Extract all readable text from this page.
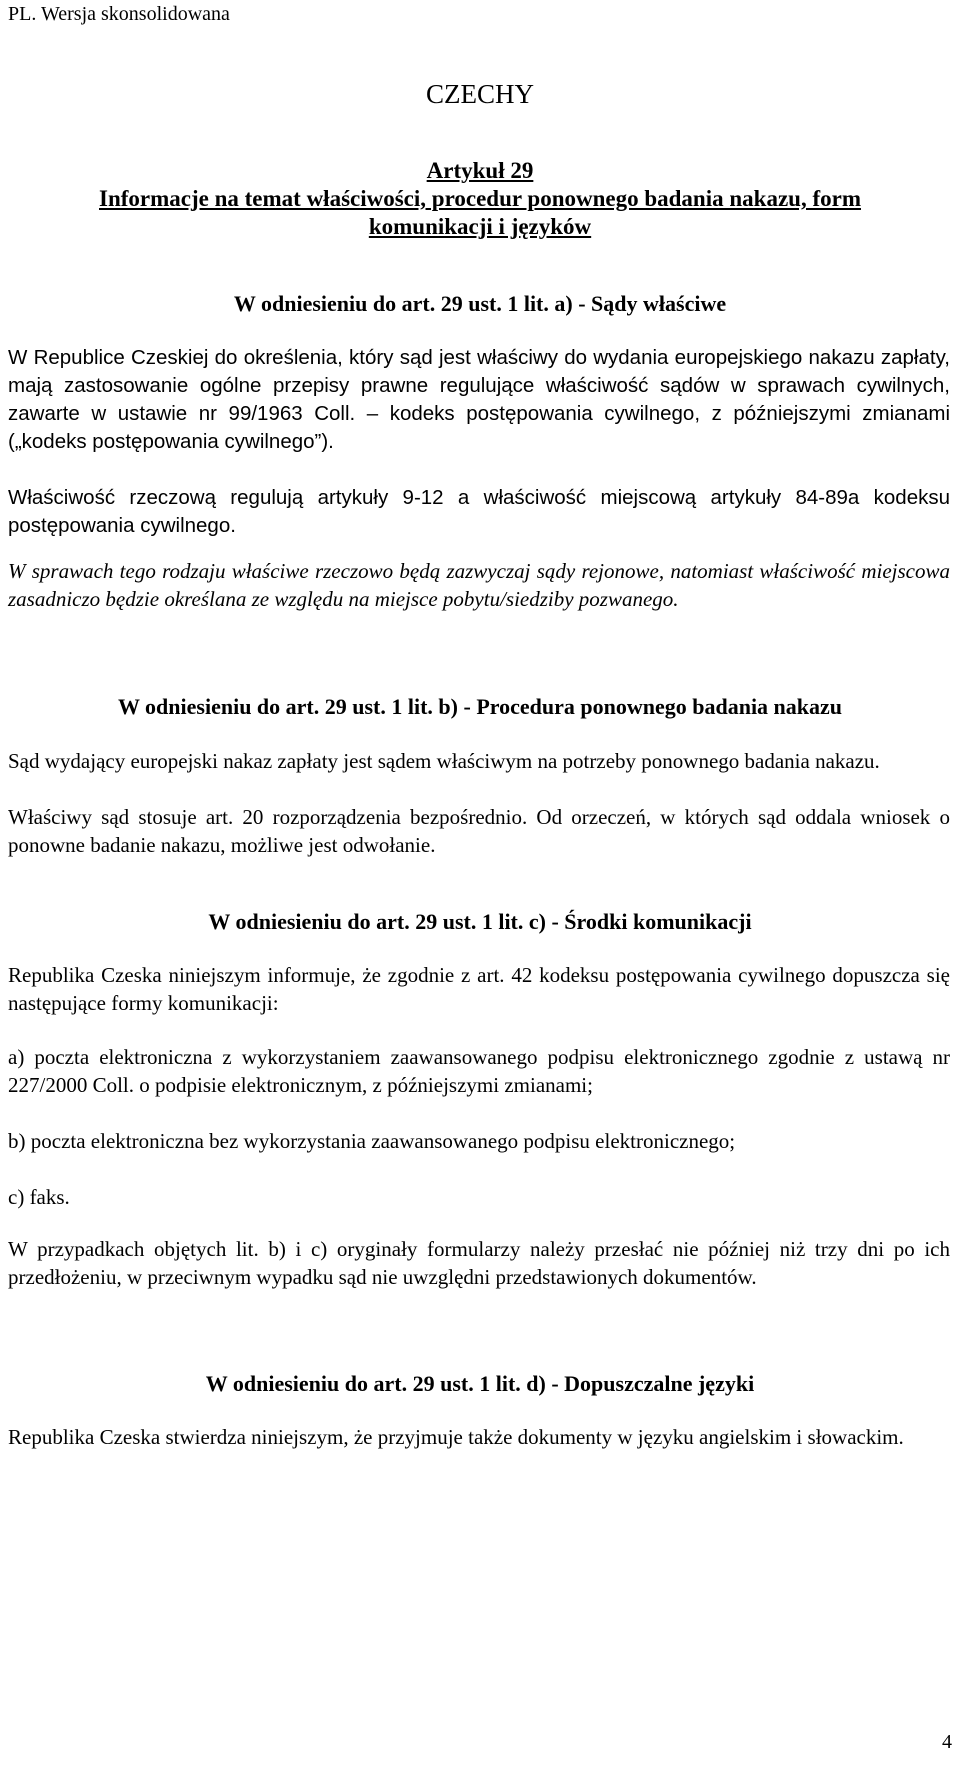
PL. Wersja skonsolidowana
CZECHY
Artykuł 29
Informacje na temat właściwości, procedur ponownego badania nakazu, form
komunikacji i języków
W odniesieniu do art. 29 ust. 1 lit. a) - Sądy właściwe

W Republice Czeskiej do określenia, który sąd jest właściwy do wydania europejskiego nakazu zapłaty, mają zastosowanie ogólne przepisy prawne regulujące właściwość sądów w sprawach cywilnych, zawarte w ustawie nr 99/1963 Coll. – kodeks postępowania cywilnego, z późniejszymi zmianami („kodeks postępowania cywilnego”).

Właściwość rzeczową regulują artykuły 9-12 a właściwość miejscową artykuły 84-89a kodeksu postępowania cywilnego.

W sprawach tego rodzaju właściwe rzeczowo będą zazwyczaj sądy rejonowe, natomiast właściwość miejscowa zasadniczo będzie określana ze względu na miejsce pobytu/siedziby pozwanego.

W odniesieniu do art. 29 ust. 1 lit. b) - Procedura ponownego badania nakazu

Sąd wydający europejski nakaz zapłaty jest sądem właściwym na potrzeby ponownego badania nakazu.

Właściwy sąd stosuje art. 20 rozporządzenia bezpośrednio. Od orzeczeń, w których sąd oddala wniosek o ponowne badanie nakazu, możliwe jest odwołanie.

W odniesieniu do art. 29 ust. 1 lit. c) - Środki komunikacji

Republika Czeska niniejszym informuje, że zgodnie z art. 42 kodeksu postępowania cywilnego dopuszcza się następujące formy komunikacji:

a) poczta elektroniczna z wykorzystaniem zaawansowanego podpisu elektronicznego zgodnie z ustawą nr 227/2000 Coll. o podpisie elektronicznym, z późniejszymi zmianami;

b) poczta elektroniczna bez wykorzystania zaawansowanego podpisu elektronicznego;

c) faks.

W przypadkach objętych lit. b) i c) oryginały formularzy należy przesłać nie później niż trzy dni po ich przedłożeniu, w przeciwnym wypadku sąd nie uwzględni przedstawionych dokumentów.

W odniesieniu do art. 29 ust. 1 lit. d) - Dopuszczalne języki

Republika Czeska stwierdza niniejszym, że przyjmuje także dokumenty w języku angielskim i słowackim.

4
